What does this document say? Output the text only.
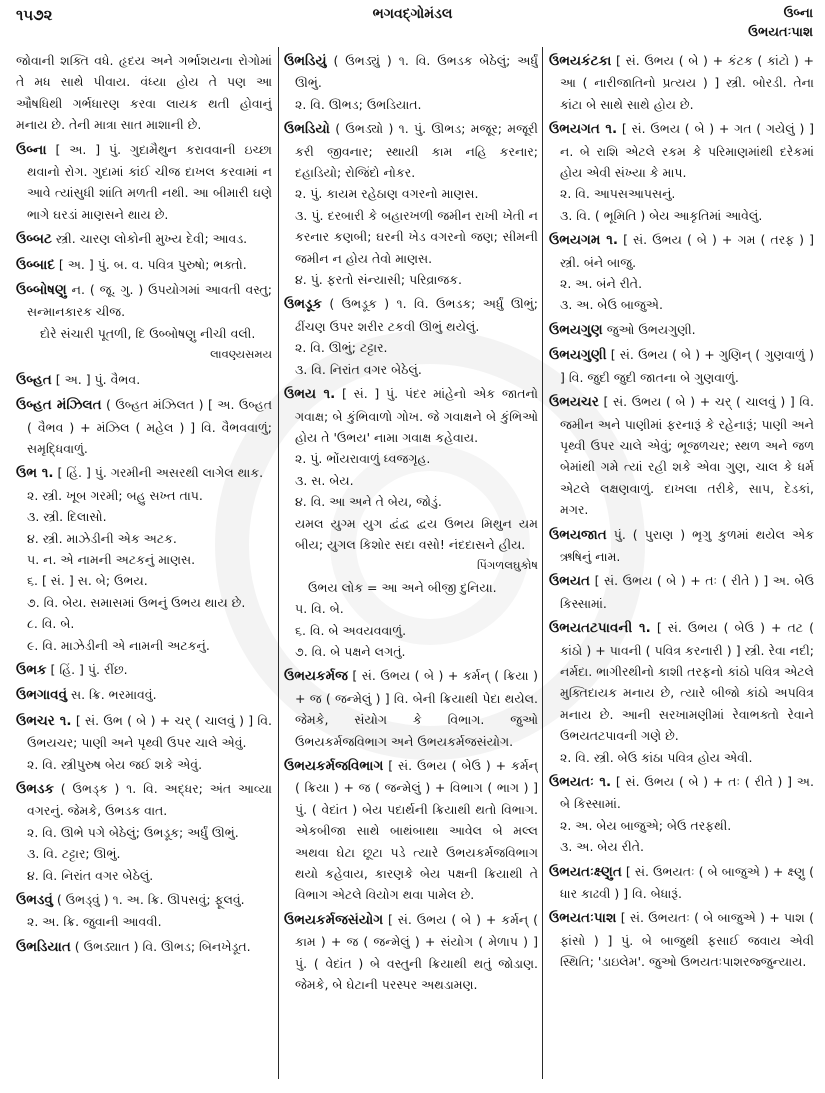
૧૫૭૨	ભગવદ્ગોમંડલ	ઉબ્ના
ઉભયતઃપાશ

જોવાની શક્તિ વધે. હૃદય અને ગર્ભાશયના રોગોમાં તે મધ સાથે પીવાય. વંધ્યા હોય તે પણ આ ઔષધિથી ગર્ભધારણ કરવા લાયક થતી હોવાનું મનાય છે. તેની માત્રા સાત માશાની છે.

ઉબ્ના [ અ. ] પું. ગુદામૈથુન કરાવવાની ઇચ્છા થવાનો રોગ. ગુદામાં કાંઈ ચીજ દાખલ કરવામાં ન આવે ત્યાંસુધી શાંતિ મળતી નથી. આ બીમારી ઘણે ભાગે ઘરડાં માણસને થાય છે.

ઉબ્બટ સ્ત્રી. ચારણ લોકોની મુખ્ય દેવી; આવડ.

ઉબ્બાદ [ અ. ] પું. બ. વ. પવિત્ર પુરુષો; ભક્તો.

ઉબ્બોષણુ ન. ( જૂ. ગુ. ) ઉપયોગમાં આવતી વસ્તુ; સન્માનકારક ચીજ.

દોરે સંચારી પૂતળી, દિ ઉબ્બોષણુ નીચી વલી.

લાવણ્યસમય

ઉબ્હત [ અ. ] પું. વૈભવ.

ઉબ્હત મંઝિલત ( ઉબ્હત મંઝિલત ) [ અ. ઉબ્હત ( વૈભવ ) + મંઝિલ ( મહેલ ) ] વિ. વૈભવવાળું; સમૃદ્ધિવાળું.

ઉભ ૧. [ હિં. ] પું. ગરમીની અસરથી લાગેલ થાક.

૨. સ્ત્રી. ખૂબ ગરમી; બહુ સખ્ત તાપ.

૩. સ્ત્રી. દિલાસો.

૪. સ્ત્રી. માઝેડીની એક અટક.

૫. ન. એ નામની અટકનું માણસ.

૬. [ સં. ] સ. બે; ઉભય.

૭. વિ. બેય. સમાસમાં ઉભનું ઉભય થાય છે.

૮. વિ. બે.

૯. વિ. માઝેડીની એ નામની અટકનું.

ઉભક [ હિં. ] પું. રીંછ.

ઉભગાવવું સ. ક્રિ. ભરમાવવું.

ઉભચર ૧. [ સં. ઉભ ( બે ) + ચર્ ( ચાલવું ) ] વિ. ઉભયચર; પાણી અને પૃથ્વી ઉપર ચાલે એવું.

૨. વિ. સ્ત્રીપુરુષ બેય જઈ શકે એવું.

ઉભડક ( ઉભડ્ક ) ૧. વિ. અદ્ધર; અંત આવ્યા વગરનું. જેમકે, ઉભડક વાત.

૨. વિ. ઊભે પગે બેઠેલું; ઉભડૂક; અર્ધું ઊભું.

૩. વિ. ટટ્ટાર; ઊભું.

૪. વિ. નિરાંત વગર બેઠેલું.

ઉભડવું ( ઉભડ્વું ) ૧. અ. ક્રિ. ઊપસવું; ફૂલવું.

૨. અ. ક્રિ. જુવાની આવવી.

ઉભડિયાત ( ઉભડ્યાત ) વિ. ઊભડ; બિનખેડૂત.

ઉભડિયું ( ઉભડ્યું ) ૧. વિ. ઉભડક બેઠેલું; અર્ધું ઊભું.

૨. વિ. ઊભડ; ઉભડિયાત.

ઉભડિયો ( ઉભડ્યો ) ૧. પું. ઊભડ; મજૂર; મજૂરી કરી જીવનાર; સ્થાયી કામ નહિ કરનાર; દહાડિયો; રોજિંદો નોકર.

૨. પું. કાયમ રહેઠાણ વગરનો માણસ.

૩. પું. દરબારી કે બહારખળી જમીન રાખી ખેતી ન કરનાર કણબી; ઘરની ખેડ વગરનો જણ; સીમની જમીન ન હોય તેવો માણસ.

૪. પું. ફરતો સંન્યાસી; પરિવ્રાજક.

ઉભડૂક ( ઉભડૂક ) ૧. વિ. ઉભડક; અર્ધું ઊભું; ઢીંચણ ઉપર શરીર ટકવી ઊભું થયેલું.

૨. વિ. ઊભું; ટટ્ટાર.

૩. વિ. નિરાંત વગર બેઠેલું.

ઉભય ૧. [ સં. ] પું. પંદર માંહેનો એક જાતનો ગવાક્ષ; બે કુંભિવાળો ગોખ. જે ગવાક્ષને બે કુંભિઓ હોય તે 'ઉભય' નામા ગવાક્ષ કહેવાય.

૨. પું. ભોંયરાવાળું ધ્વજગૃહ.

૩. સ. બેય.

૪. વિ. આ અને તે બેય, જોડું.

યમલ યુગ્મ યુગ દ્વંદ્વ દ્વય ઉભય મિથુન યમ બીય; યુગલ કિશોર સદા વસો! નંદદાસને હીય.

પિંગળલઘુકોષ

ઉભય લોક = આ અને બીજી દુનિયા.

૫. વિ. બે.

૬. વિ. બે અવયવવાળું.

૭. વિ. બે પક્ષને લગતું.

ઉભયકર્મજ [ સં. ઉભય ( બે ) + કર્મન્ ( ક્રિયા ) + જ ( જન્મેલું ) ] વિ. બેની ક્રિયાથી પેદા થયેલ. જેમકે, સંયોગ કે વિભાગ. જુઓ ઉભયકર્મજવિભાગ અને ઉભયકર્મજસંયોગ.

ઉભયકર્મજવિભાગ [ સં. ઉભય ( બેઉ ) + કર્મન્ ( ક્રિયા ) + જ ( જન્મેલું ) + વિભાગ ( ભાગ ) ] પું. ( વેદાંત ) બેય પદાર્થની ક્રિયાથી થતો વિભાગ. એકબીજા સાથે બાથંબાથા આવેલ બે મલ્લ અથવા ઘેટા છૂટા પડે ત્યારે ઉભયકર્મજવિભાગ થયો કહેવાય, કારણકે બેય પક્ષની ક્રિયાથી તે વિભાગ એટલે વિયોગ થવા પામેલ છે.

ઉભયકર્મજસંયોગ [ સં. ઉભય ( બે ) + કર્મન્ ( કામ ) + જ ( જન્મેલું ) + સંયોગ ( મેળાપ ) ] પું. ( વેદાંત ) બે વસ્તુની ક્રિયાથી થતું જોડાણ. જેમકે, બે ઘેટાની પરસ્પર અથડામણ.

ઉભયકંટકા [ સં. ઉભય ( બે ) + કંટક ( કાંટો ) + આ ( નારીજાતિનો પ્રત્યય ) ] સ્ત્રી. બોરડી. તેના કાંટા બે સાથે સાથે હોય છે.

ઉભયગત ૧. [ સં. ઉભય ( બે ) + ગત ( ગયેલું ) ] ન. બે રાશિ એટલે રકમ કે પરિમાણમાંથી દરેકમાં હોય એવી સંખ્યા કે માપ.

૨. વિ. આપસઆપસનું.

૩. વિ. ( ભૂમિતિ ) બેય આકૃતિમાં આવેલું.

ઉભયગમ ૧. [ સં. ઉભય ( બે ) + ગમ ( તરફ ) ] સ્ત્રી. બંને બાજુ.

૨. અ. બંને રીતે.

૩. અ. બેઉ બાજુએ.

ઉભયગુણ જુઓ ઉભયગુણી.

ઉભયગુણી [ સં. ઉભય ( બે ) + ગુણિન્ ( ગુણવાળું ) ] વિ. જુદી જુદી જાતના બે ગુણવાળું.

ઉભયચર [ સં. ઉભય ( બે ) + ચર્ ( ચાલવું ) ] વિ. જમીન અને પાણીમાં ફરનારૂં કે રહેનારૂં; પાણી અને પૃથ્વી ઉપર ચાલે એવું; ભૂજળચર; સ્થળ અને જળ બેમાંથી ગમે ત્યાં રહી શકે એવા ગુણ, ચાલ કે ધર્મ એટલે લક્ષણવાળું. દાખલા તરીકે, સાપ, દેડકાં, મગર.

ઉભયજાત પું. ( પુરાણ ) ભૃગુ કુળમાં થયેલ એક ઋષિનું નામ.

ઉભયત [ સં. ઉભય ( બે ) + તઃ ( રીતે ) ] અ. બેઉ કિસ્સામાં.

ઉભયતટપાવની ૧. [ સં. ઉભય ( બેઉ ) + તટ ( કાંઠો ) + પાવની ( પવિત્ર કરનારી ) ] સ્ત્રી. રેવા નદી; નર્મદા. ભાગીરથીનો કાશી તરફનો કાંઠો પવિત્ર એટલે મુક્તિદાયક મનાય છે, ત્યારે બીજો કાંઠો અપવિત્ર મનાય છે. આની સરખામણીમાં રેવાભક્તો રેવાને ઉભયતટપાવની ગણે છે.

૨. વિ. સ્ત્રી. બેઉ કાંઠા પવિત્ર હોય એવી.

ઉભયતઃ ૧. [ સં. ઉભય ( બે ) + તઃ ( રીતે ) ] અ. બે કિસ્સામાં.

૨. અ. બેય બાજુએ; બેઉ તરફથી.

૩. અ. બેય રીતે.

ઉભયતઃક્ષ્ણુત [ સં. ઉભયતઃ ( બે બાજુએ ) + ક્ષ્ણુ ( ધાર કાઢવી ) ] વિ. બેધારૂં.

ઉભયતઃપાશ [ સં. ઉભયતઃ ( બે બાજુએ ) + પાશ ( ફાંસો ) ] પું. બે બાજુથી ફસાઈ જવાય એવી સ્થિતિ; 'ડાઇલેમ'. જુઓ ઉભયતઃપાશરજ્જુન્યાય.
